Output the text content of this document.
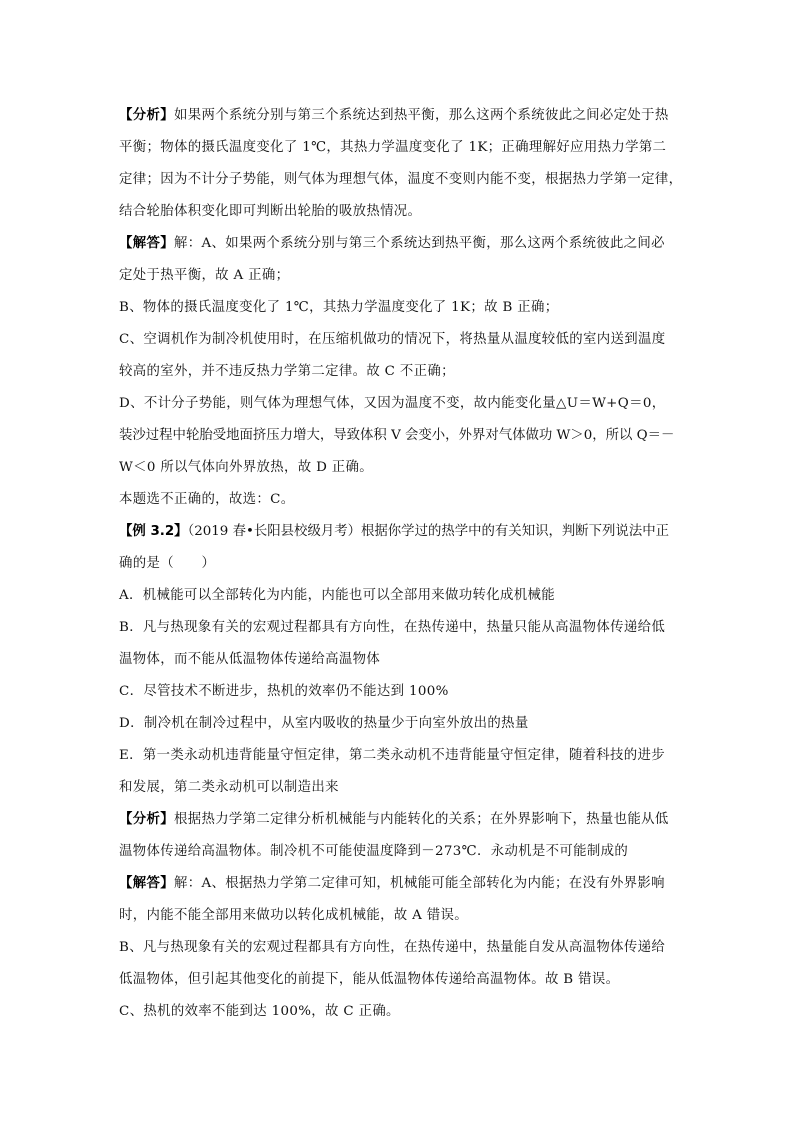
【分析】如果两个系统分别与第三个系统达到热平衡，那么这两个系统彼此之间必定处于热
平衡；物体的摄氏温度变化了 1℃，其热力学温度变化了 1K；正确理解好应用热力学第二
定律；因为不计分子势能，则气体为理想气体，温度不变则内能不变，根据热力学第一定律，
结合轮胎体积变化即可判断出轮胎的吸放热情况。
【解答】解：A、如果两个系统分别与第三个系统达到热平衡，那么这两个系统彼此之间必
定处于热平衡，故 A 正确；
B、物体的摄氏温度变化了 1℃，其热力学温度变化了 1K；故 B 正确；
C、空调机作为制冷机使用时，在压缩机做功的情况下，将热量从温度较低的室内送到温度
较高的室外，并不违反热力学第二定律。故 C 不正确；
D、不计分子势能，则气体为理想气体，又因为温度不变，故内能变化量△U＝W+Q＝0，
装沙过程中轮胎受地面挤压力增大，导致体积 V 会变小，外界对气体做功 W＞0，所以 Q＝－
W＜0 所以气体向外界放热，故 D 正确。
本题选不正确的，故选：C。
【例 3.2】（2019 春•长阳县校级月考）根据你学过的热学中的有关知识，判断下列说法中正
确的是（　　）
A．机械能可以全部转化为内能，内能也可以全部用来做功转化成机械能
B．凡与热现象有关的宏观过程都具有方向性，在热传递中，热量只能从高温物体传递给低
温物体，而不能从低温物体传递给高温物体
C．尽管技术不断进步，热机的效率仍不能达到 100%
D．制冷机在制冷过程中，从室内吸收的热量少于向室外放出的热量
E．第一类永动机违背能量守恒定律，第二类永动机不违背能量守恒定律，随着科技的进步
和发展，第二类永动机可以制造出来
【分析】根据热力学第二定律分析机械能与内能转化的关系；在外界影响下，热量也能从低
温物体传递给高温物体。制冷机不可能使温度降到－273℃．永动机是不可能制成的
【解答】解：A、根据热力学第二定律可知，机械能可能全部转化为内能；在没有外界影响
时，内能不能全部用来做功以转化成机械能，故 A 错误。
B、凡与热现象有关的宏观过程都具有方向性，在热传递中，热量能自发从高温物体传递给
低温物体，但引起其他变化的前提下，能从低温物体传递给高温物体。故 B 错误。
C、热机的效率不能到达 100%，故 C 正确。
